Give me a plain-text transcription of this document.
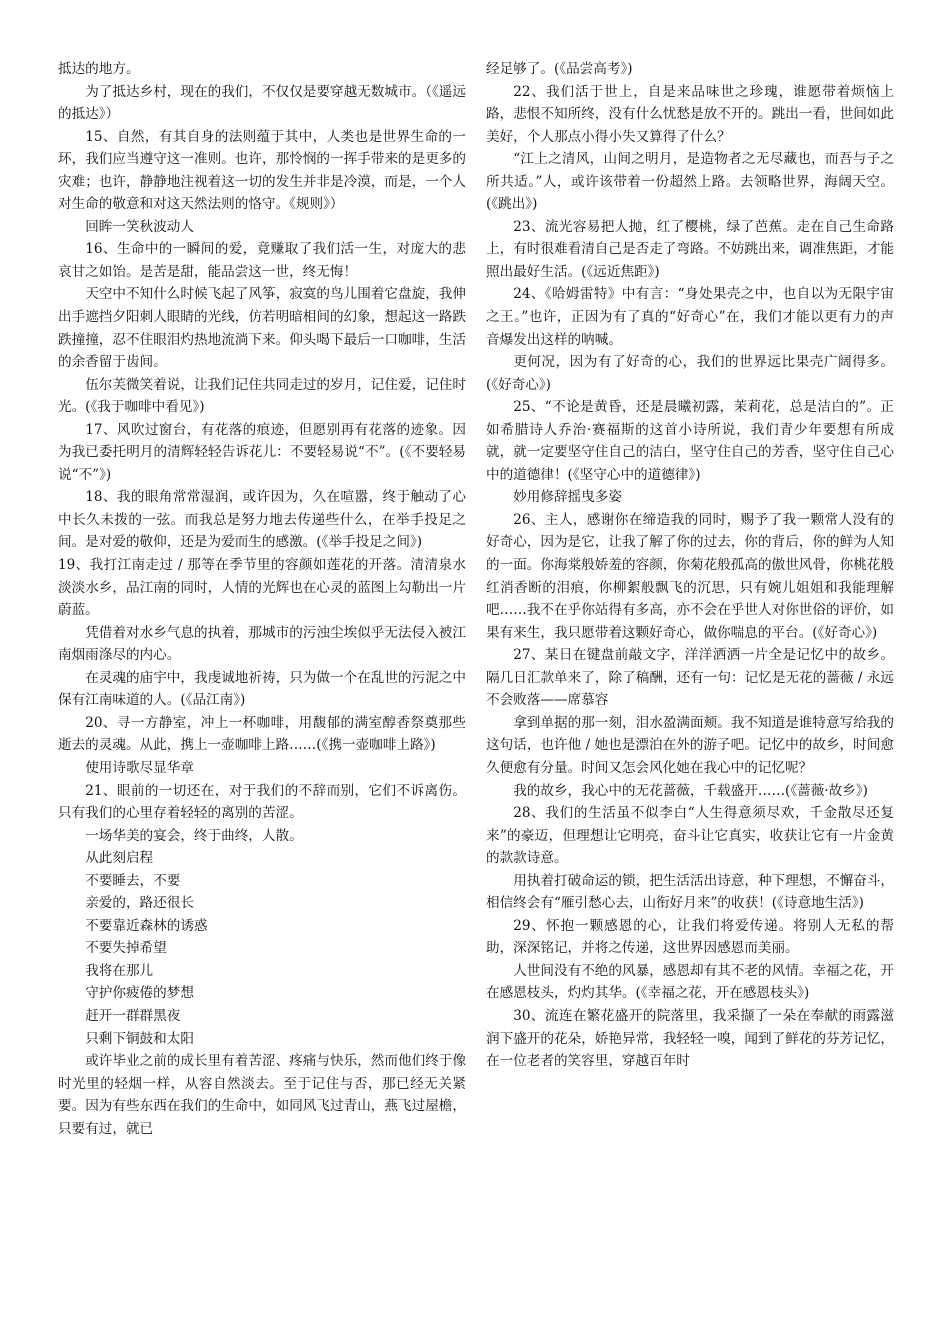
抵达的地方。

为了抵达乡村，现在的我们，不仅仅是要穿越无数城市。（《遥远的抵达》）

15、自然，有其自身的法则蕴于其中，人类也是世界生命的一环，我们应当遵守这一准则。也许，那怜悯的一挥手带来的是更多的灾难；也许，静静地注视着这一切的发生并非是冷漠，而是，一个人对生命的敬意和对这天然法则的恪守。《规则》）

回眸一笑秋波动人

16、生命中的一瞬间的爱，竟赚取了我们活一生，对庞大的悲哀甘之如饴。是苦是甜，能品尝这一世，终无悔！

天空中不知什么时候飞起了风筝，寂寞的鸟儿围着它盘旋，我伸出手遮挡夕阳刺人眼睛的光线，仿若明暗相间的幻象，想起这一路跌跌撞撞，忍不住眼泪灼热地流淌下来。仰头喝下最后一口咖啡，生活的余香留于齿间。

伍尔芙微笑着说，让我们记住共同走过的岁月，记住爱，记住时光。(《我于咖啡中看见》)

17、风吹过窗台，有花落的痕迹，但愿别再有花落的迹象。因为我已委托明月的清辉轻轻告诉花儿：不要轻易说“不”。(《不要轻易说“不”》)

18、我的眼角常常湿润，或许因为，久在喧嚣，终于触动了心中长久未拨的一弦。而我总是努力地去传递些什么，在举手投足之间。是对爱的敬仰，还是为爱而生的感激。(《举手投足之间》)

19、我打江南走过 / 那等在季节里的容颜如莲花的开落。清清泉水淡淡水乡，品江南的同时，人情的光辉也在心灵的蓝图上勾勒出一片蔚蓝。

凭借着对水乡气息的执着，那城市的污浊尘埃似乎无法侵入被江南烟雨涤尽的内心。

在灵魂的庙宇中，我虔诚地祈祷，只为做一个在乱世的污泥之中保有江南味道的人。(《品江南》)

20、寻一方静室，冲上一杯咖啡，用馥郁的满室醇香祭奠那些逝去的灵魂。从此，携上一壶咖啡上路……(《携一壶咖啡上路》)

使用诗歌尽显华章

21、眼前的一切还在，对于我们的不辞而别，它们不诉离伤。只有我们的心里存着轻轻的离别的苦涩。

一场华美的宴会，终于曲终，人散。

从此刻启程

不要睡去，不要

亲爱的，路还很长

不要靠近森林的诱惑

不要失掉希望

我将在那儿

守护你疲倦的梦想

赶开一群群黑夜

只剩下铜鼓和太阳

或许毕业之前的成长里有着苦涩、疼痛与快乐，然而他们终于像时光里的轻烟一样，从容自然淡去。至于记住与否，那已经无关紧要。因为有些东西在我们的生命中，如同风飞过青山，燕飞过屋檐，只要有过，就已

经足够了。(《品尝高考》)

22、我们活于世上，自是来品味世之珍瑰，谁愿带着烦恼上路，悲恨不知所终，没有什么忧愁是放不开的。跳出一看，世间如此美好，个人那点小得小失又算得了什么？

“江上之清风，山间之明月，是造物者之无尽藏也，而吾与子之所共适。”人，或许该带着一份超然上路。去领略世界，海阔天空。(《跳出》)

23、流光容易把人抛，红了樱桃，绿了芭蕉。走在自己生命路上，有时很难看清自己是否走了弯路。不妨跳出来，调准焦距，才能照出最好生活。(《远近焦距》)

24、《哈姆雷特》中有言：“身处果壳之中，也自以为无限宇宙之王。”也许，正因为有了真的“好奇心”在，我们才能以更有力的声音爆发出这样的呐喊。

更何况，因为有了好奇的心，我们的世界远比果壳广阔得多。(《好奇心》)

25、“不论是黄昏，还是晨曦初露，茉莉花，总是洁白的”。正如希腊诗人乔治·赛福斯的这首小诗所说，我们青少年要想有所成就，就一定要坚守住自己的洁白，坚守住自己的芳香，坚守住自己心中的道德律！(《坚守心中的道德律》)

妙用修辞摇曳多姿

26、主人，感谢你在缔造我的同时，赐予了我一颗常人没有的好奇心，因为是它，让我了解了你的过去，你的背后，你的鲜为人知的一面。你海棠般娇羞的容颜，你菊花般孤高的傲世风骨，你桃花般红消香断的泪痕，你柳絮般飘飞的沉思，只有婉儿姐姐和我能理解吧……我不在乎你站得有多高，亦不会在乎世人对你世俗的评价，如果有来生，我只愿带着这颗好奇心，做你喘息的平台。(《好奇心》)

27、某日在键盘前敲文字，洋洋洒洒一片全是记忆中的故乡。隔几日汇款单来了，除了稿酬，还有一句：记忆是无花的蔷薇 / 永远不会败落——席慕容

拿到单据的那一刻，泪水盈满面颊。我不知道是谁特意写给我的这句话，也许他 / 她也是漂泊在外的游子吧。记忆中的故乡，时间愈久便愈有分量。时间又怎会风化她在我心中的记忆呢？

我的故乡，我心中的无花蔷薇，千载盛开……(《蔷薇·故乡》)

28、我们的生活虽不似李白“人生得意须尽欢，千金散尽还复来”的豪迈，但理想让它明亮，奋斗让它真实，收获让它有一片金黄的款款诗意。

用执着打破命运的锁，把生活活出诗意，种下理想，不懈奋斗，相信终会有“雁引愁心去，山衔好月来”的收获！(《诗意地生活》)

29、怀抱一颗感恩的心，让我们将爱传递。将别人无私的帮助，深深铭记，并将之传递，这世界因感恩而美丽。

人世间没有不绝的风暴，感恩却有其不老的风情。幸福之花，开在感恩枝头，灼灼其华。(《幸福之花，开在感恩枝头》)

30、流连在繁花盛开的院落里，我采撷了一朵在奉献的雨露滋润下盛开的花朵，娇艳异常，我轻轻一嗅，闻到了鲜花的芬芳记忆，在一位老者的笑容里，穿越百年时
